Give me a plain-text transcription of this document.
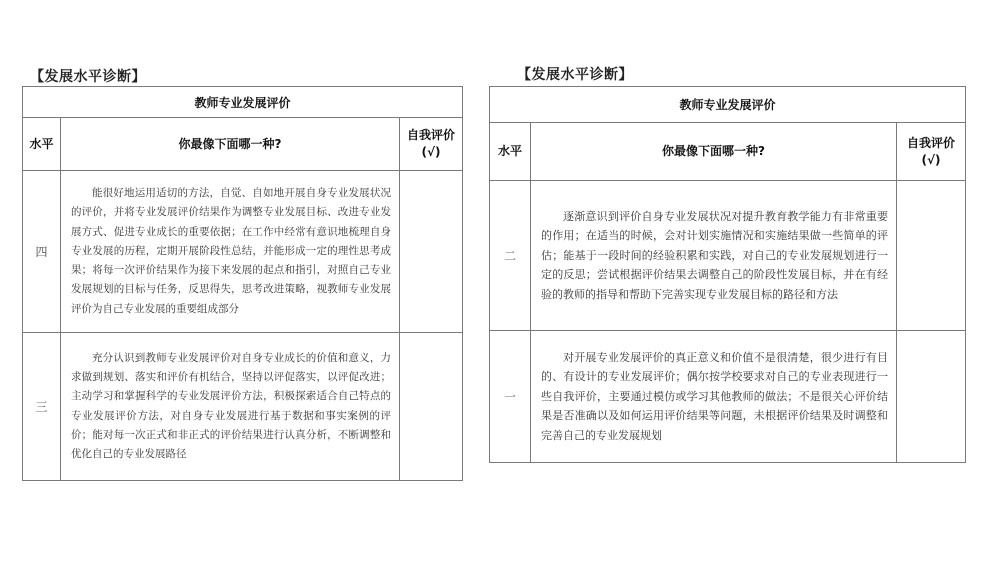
【发展水平诊断】
教师专业发展评价		
水平	你最像下面哪一种?	自我评价
(√)

四	能很好地运用适切的方法，自觉、自如地开展自身专业发展状况的评价，并将专业发展评价结果作为调整专业发展目标、改进专业发展方式、促进专业成长的重要依据；在工作中经常有意识地梳理自身专业发展的历程，定期开展阶段性总结，并能形成一定的理性思考成果；将每一次评价结果作为接下来发展的起点和指引，对照自己专业发展规划的目标与任务，反思得失，思考改进策略，视教师专业发展评价为自己专业发展的重要组成部分	
三	充分认识到教师专业发展评价对自身专业成长的价值和意义，力求做到规划、落实和评价有机结合，坚持以评促落实，以评促改进；主动学习和掌握科学的专业发展评价方法，积极探索适合自己特点的专业发展评价方法，对自身专业发展进行基于数据和事实案例的评价；能对每一次正式和非正式的评价结果进行认真分析，不断调整和优化自己的专业发展路径	
【发展水平诊断】
教师专业发展评价		
水平	你最像下面哪一种?	自我评价
(√)

二	逐渐意识到评价自身专业发展状况对提升教育教学能力有非常重要的作用；在适当的时候，会对计划实施情况和实施结果做一些简单的评估；能基于一段时间的经验积累和实践，对自己的专业发展规划进行一定的反思；尝试根据评价结果去调整自己的阶段性发展目标，并在有经验的教师的指导和帮助下完善实现专业发展目标的路径和方法	
一	对开展专业发展评价的真正意义和价值不是很清楚，很少进行有目的、有设计的专业发展评价；偶尔按学校要求对自己的专业表现进行一些自我评价，主要通过模仿或学习其他教师的做法；不是很关心评价结果是否准确以及如何运用评价结果等问题，未根据评价结果及时调整和完善自己的专业发展规划	
